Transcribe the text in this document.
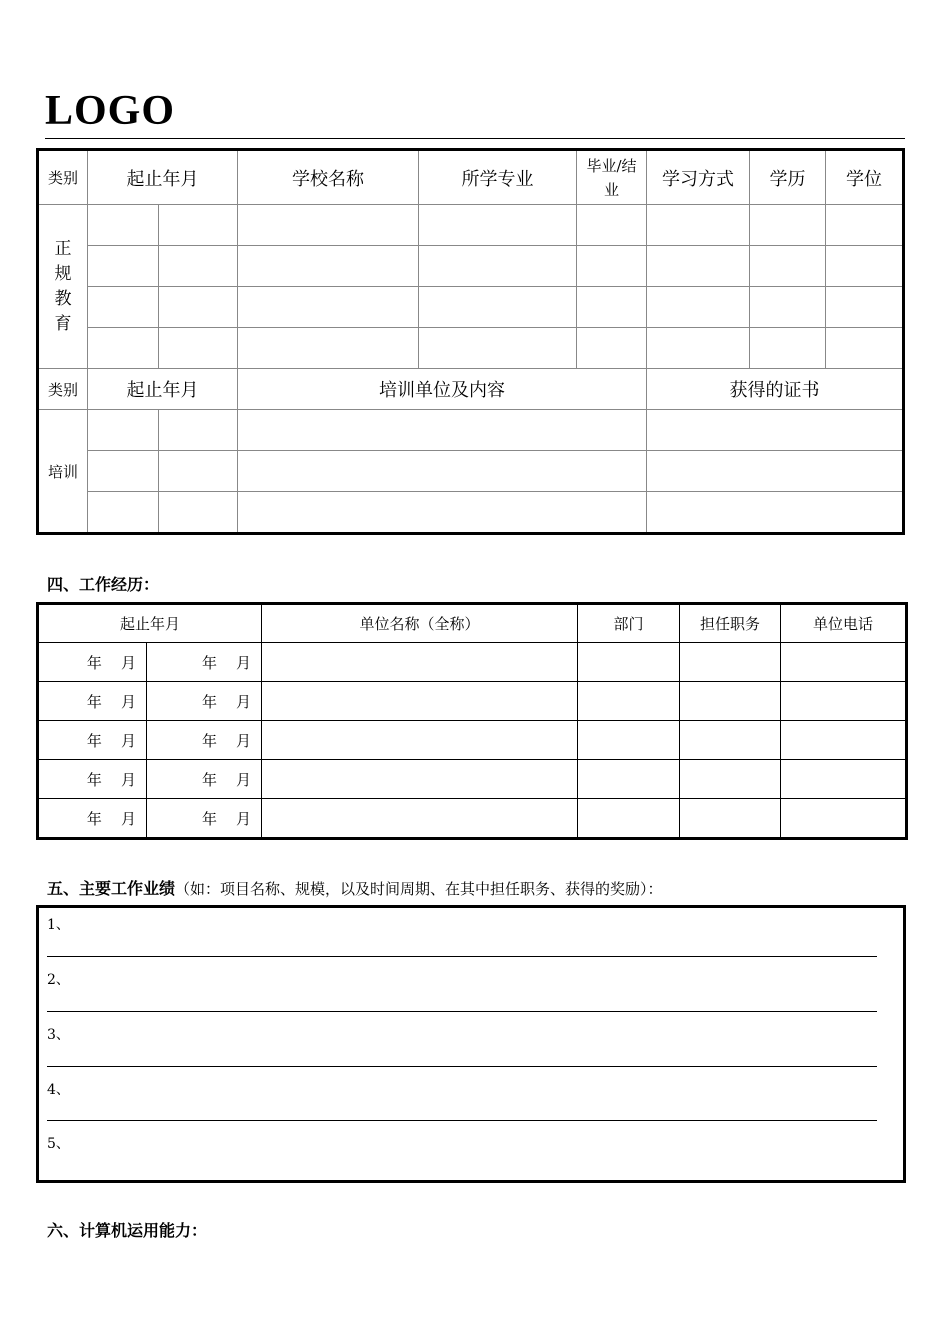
LOGO
类别	起止年月		学校名称	所学专业	毕业/结业	学习方式	学历	学位

正
规
教
育								

类别	起止年月		培训单位及内容			获得的证书		
培训								

四、工作经历：
起止年月		单位名称（全称）	部门	担任职务	单位电话
年    月	年    月				
年    月	年    月				
年    月	年    月				
年    月	年    月				
年    月	年    月				
五、主要工作业绩（如：项目名称、规模，以及时间周期、在其中担任职务、获得的奖励）：
1、
2、
3、
4、
5、
六、计算机运用能力：
